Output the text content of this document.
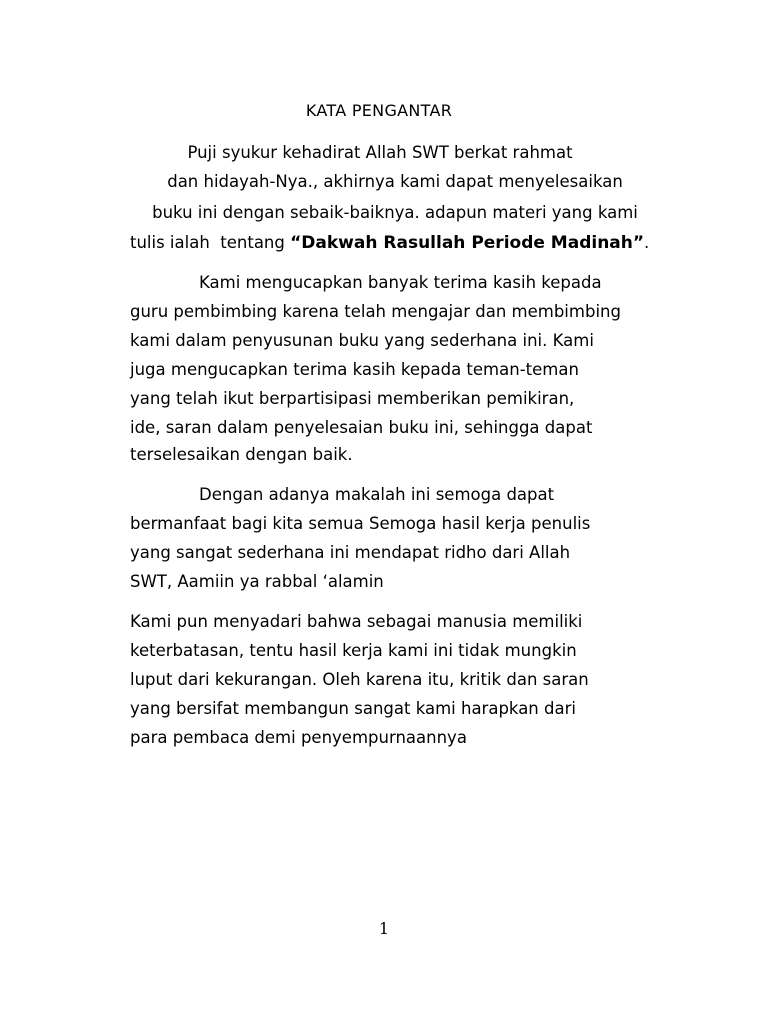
KATA PENGANTAR
Puji syukur kehadirat Allah SWT berkat rahmat
dan hidayah-Nya., akhirnya kami dapat menyelesaikan
buku ini dengan sebaik-baiknya. adapun materi yang kami
tulis ialah  tentang “Dakwah Rasullah Periode Madinah”.
Kami mengucapkan banyak terima kasih kepada
guru pembimbing karena telah mengajar dan membimbing
kami dalam penyusunan buku yang sederhana ini. Kami
juga mengucapkan terima kasih kepada teman-teman
yang telah ikut berpartisipasi memberikan pemikiran,
ide, saran dalam penyelesaian buku ini, sehingga dapat
terselesaikan dengan baik.
Dengan adanya makalah ini semoga dapat
bermanfaat bagi kita semua Semoga hasil kerja penulis
yang sangat sederhana ini mendapat ridho dari Allah
SWT, Aamiin ya rabbal ‘alamin
Kami pun menyadari bahwa sebagai manusia memiliki
keterbatasan, tentu hasil kerja kami ini tidak mungkin
luput dari kekurangan. Oleh karena itu, kritik dan saran
yang bersifat membangun sangat kami harapkan dari
para pembaca demi penyempurnaannya
1
